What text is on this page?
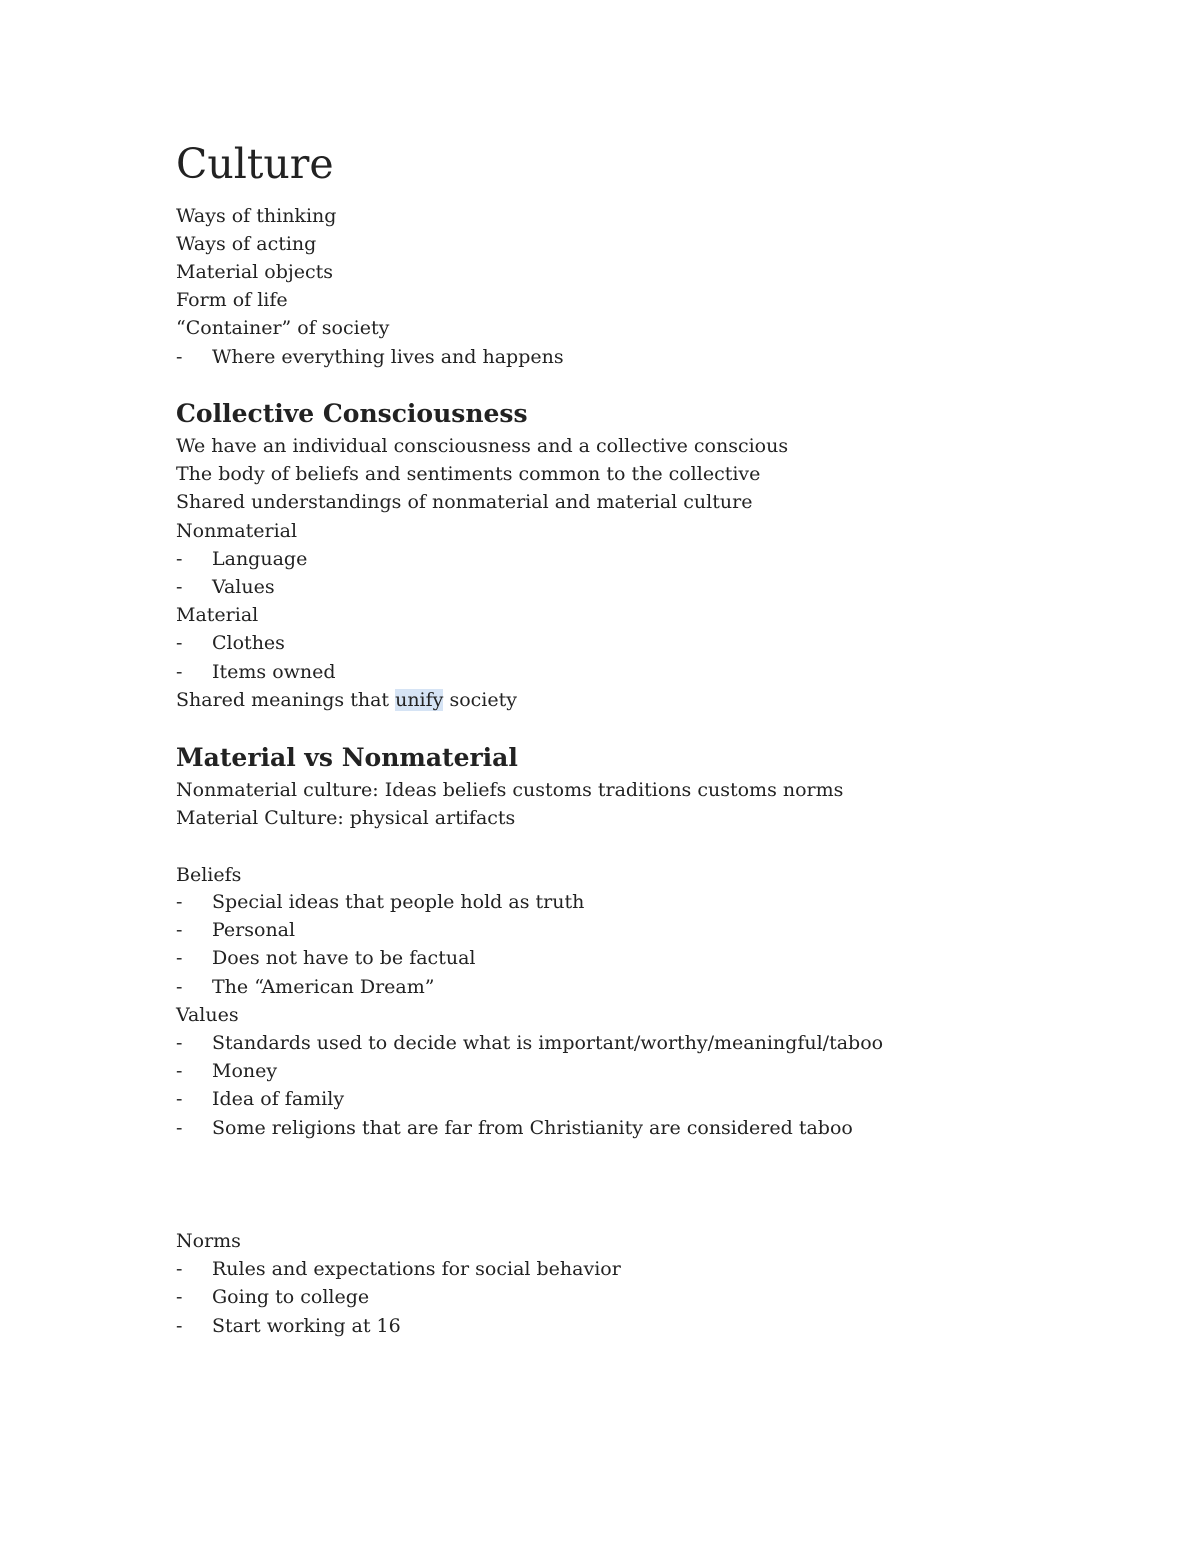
Culture
Ways of thinking
Ways of acting
Material objects
Form of life
“Container” of society
- Where everything lives and happens
Collective Consciousness
We have an individual consciousness and a collective conscious
The body of beliefs and sentiments common to the collective
Shared understandings of nonmaterial and material culture
Nonmaterial
- Language
- Values
Material
- Clothes
- Items owned
Shared meanings that unify society
Material vs Nonmaterial
Nonmaterial culture: Ideas beliefs customs traditions customs norms
Material Culture: physical artifacts
Beliefs
- Special ideas that people hold as truth
- Personal
- Does not have to be factual
- The “American Dream”
Values
- Standards used to decide what is important/worthy/meaningful/taboo
- Money
- Idea of family
- Some religions that are far from Christianity are considered taboo
Norms
- Rules and expectations for social behavior
- Going to college
- Start working at 16
